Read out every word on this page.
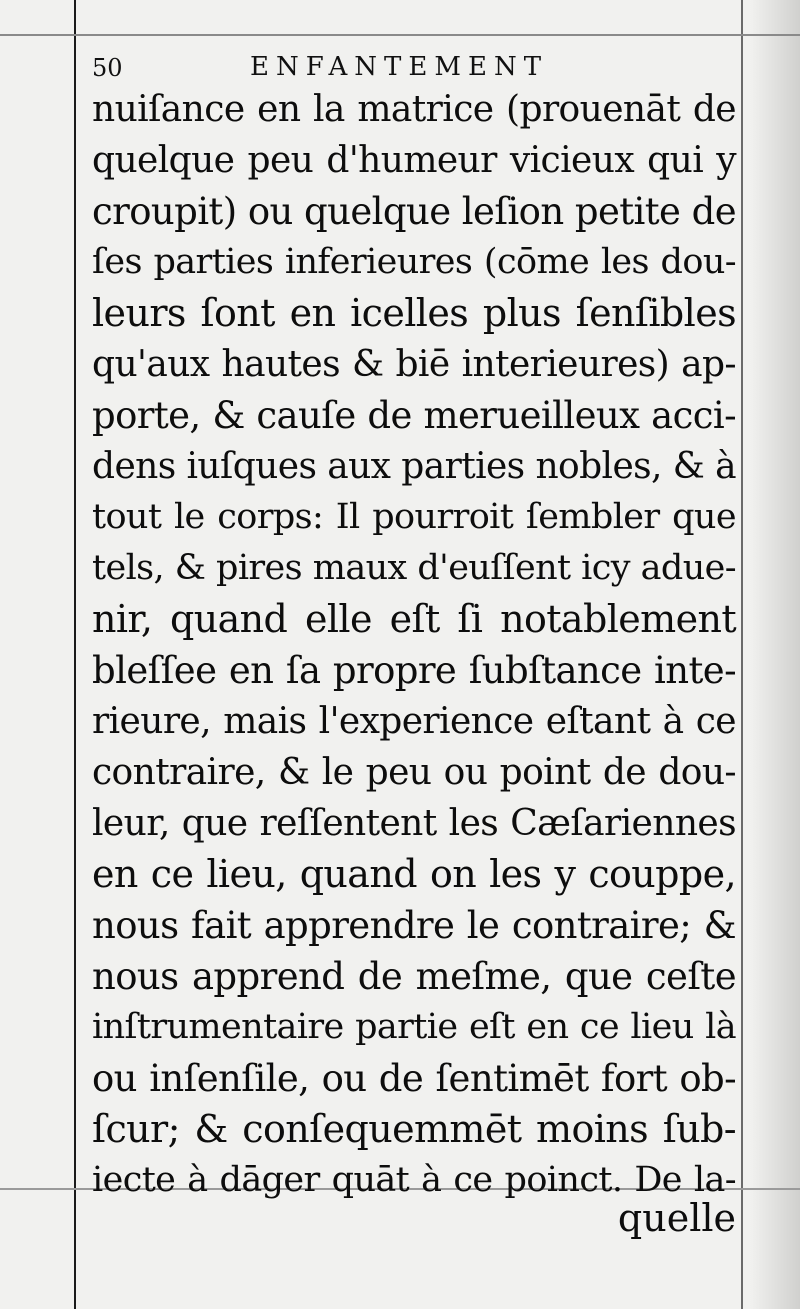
50	ENFANTEMENT
nuiſance en la matrice (prouenāt de
quelque peu d'humeur vicieux qui y
croupit) ou quelque leſion petite de
ſes parties inferieures (cōme les dou-
leurs ſont en icelles plus ſenſibles
qu'aux hautes & biē interieures) ap-
porte, & cauſe de merueilleux acci-
dens iuſques aux parties nobles, & à
tout le corps: Il pourroit ſembler que
tels, & pires maux d'euſſent icy adue-
nir, quand elle eſt ſi notablement
bleſſee en ſa propre ſubſtance inte-
rieure, mais l'experience eſtant à ce
contraire, & le peu ou point de dou-
leur, que reſſentent les Cæſariennes
en ce lieu, quand on les y couppe,
nous fait apprendre le contraire; &
nous apprend de meſme, que ceſte
inſtrumentaire partie eſt en ce lieu là
ou inſenſile, ou de ſentimēt fort ob-
ſcur; & conſequemmēt moins ſub-
iecte à dāger quāt à ce poinct. De la-
quelle
